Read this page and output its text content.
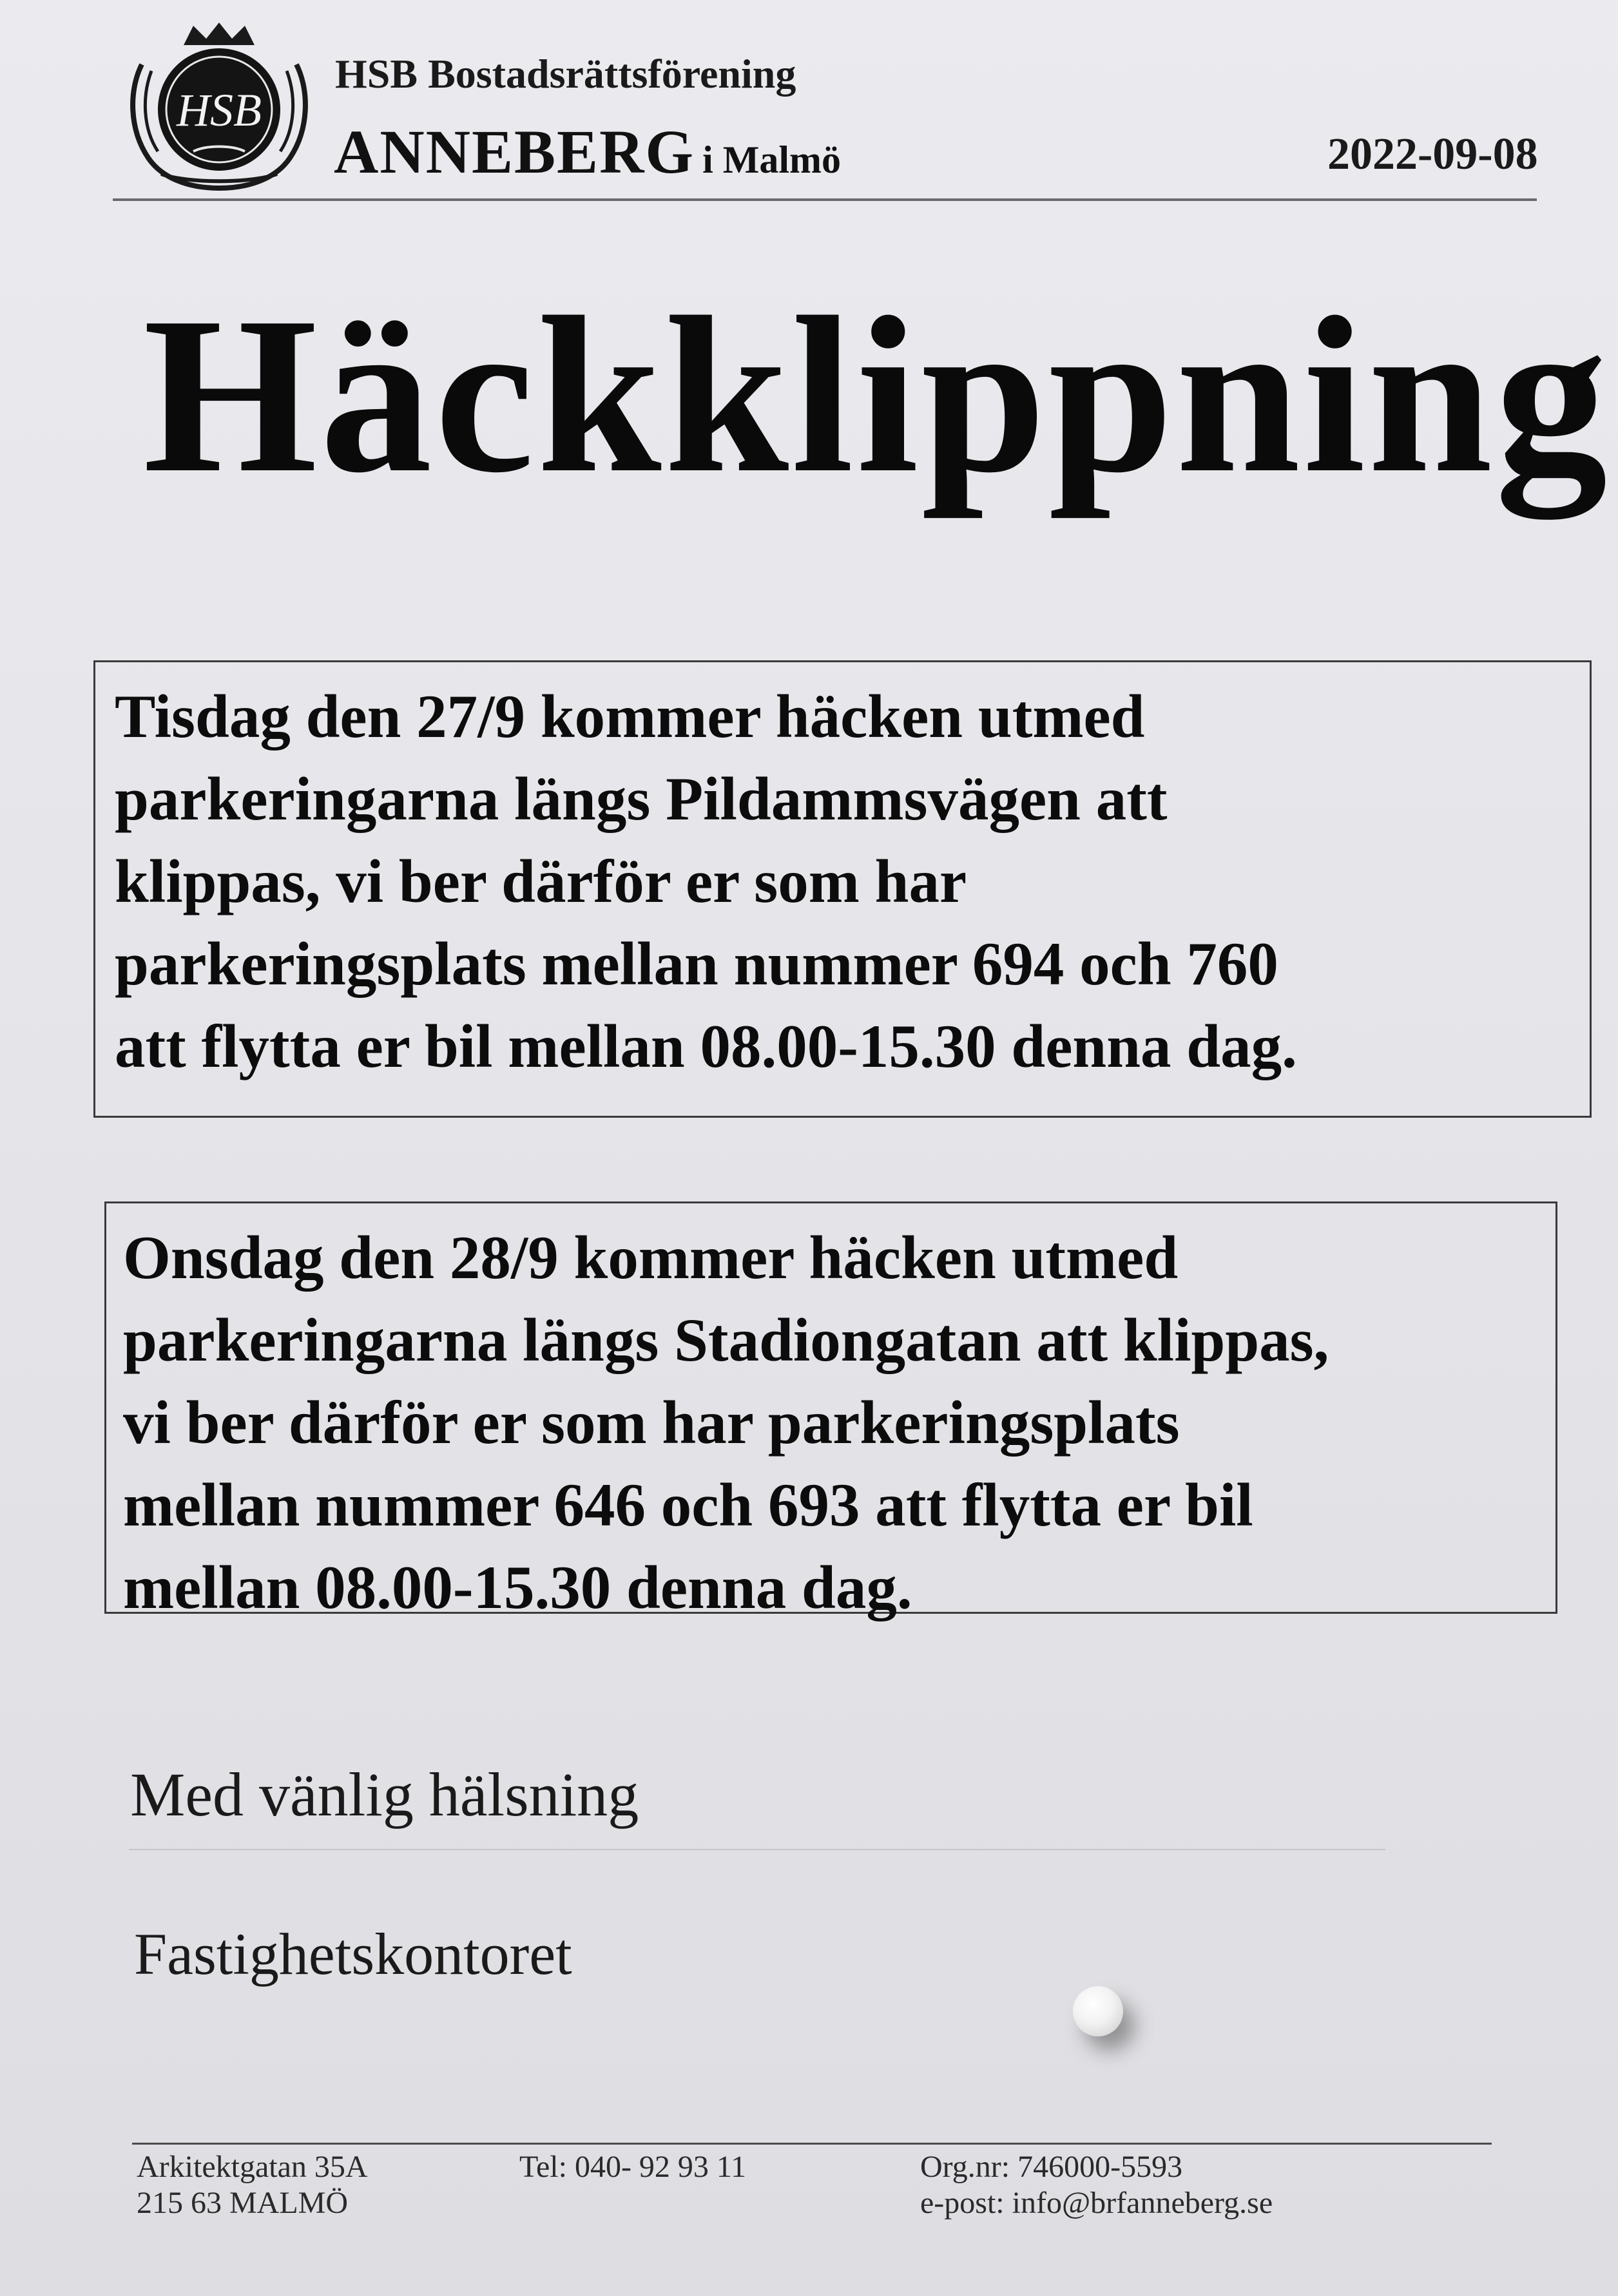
HSB
HSB Bostadsrättsförening
ANNEBERG i Malmö	2022-09-08
Häckklippning
Tisdag den 27/9 kommer häcken utmed
parkeringarna längs Pildammsvägen att
klippas, vi ber därför er som har
parkeringsplats mellan nummer 694 och 760
att flytta er bil mellan 08.00-15.30 denna dag.
Onsdag den 28/9 kommer häcken utmed
parkeringarna längs Stadiongatan att klippas,
vi ber därför er som har parkeringsplats
mellan nummer 646 och 693 att flytta er bil
mellan 08.00-15.30 denna dag.
Med vänlig hälsning
Fastighetskontoret
Arkitektgatan 35A
215 63 MALMÖ
Tel: 040- 92 93 11	Org.nr: 746000-5593
e-post: info@brfanneberg.se
